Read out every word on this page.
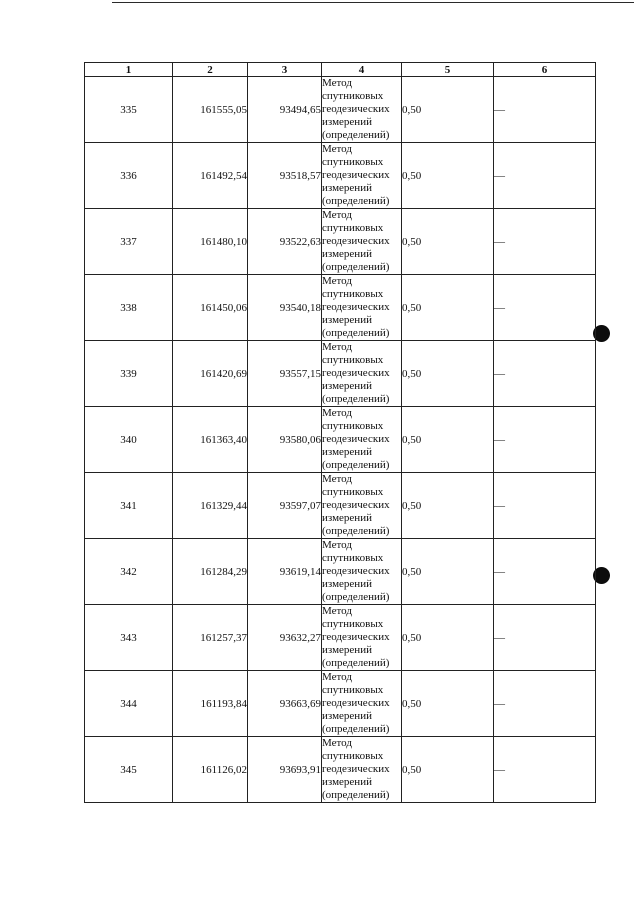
1	2	3	4	5	6
335	161555,05	93494,65	Метод
спутниковых
геодезических
измерений
(определений)	0,50	—
336	161492,54	93518,57	Метод
спутниковых
геодезических
измерений
(определений)	0,50	—
337	161480,10	93522,63	Метод
спутниковых
геодезических
измерений
(определений)	0,50	—
338	161450,06	93540,18	Метод
спутниковых
геодезических
измерений
(определений)	0,50	—
339	161420,69	93557,15	Метод
спутниковых
геодезических
измерений
(определений)	0,50	—
340	161363,40	93580,06	Метод
спутниковых
геодезических
измерений
(определений)	0,50	—
341	161329,44	93597,07	Метод
спутниковых
геодезических
измерений
(определений)	0,50	—
342	161284,29	93619,14	Метод
спутниковых
геодезических
измерений
(определений)	0,50	—
343	161257,37	93632,27	Метод
спутниковых
геодезических
измерений
(определений)	0,50	—
344	161193,84	93663,69	Метод
спутниковых
геодезических
измерений
(определений)	0,50	—
345	161126,02	93693,91	Метод
спутниковых
геодезических
измерений
(определений)	0,50	—
